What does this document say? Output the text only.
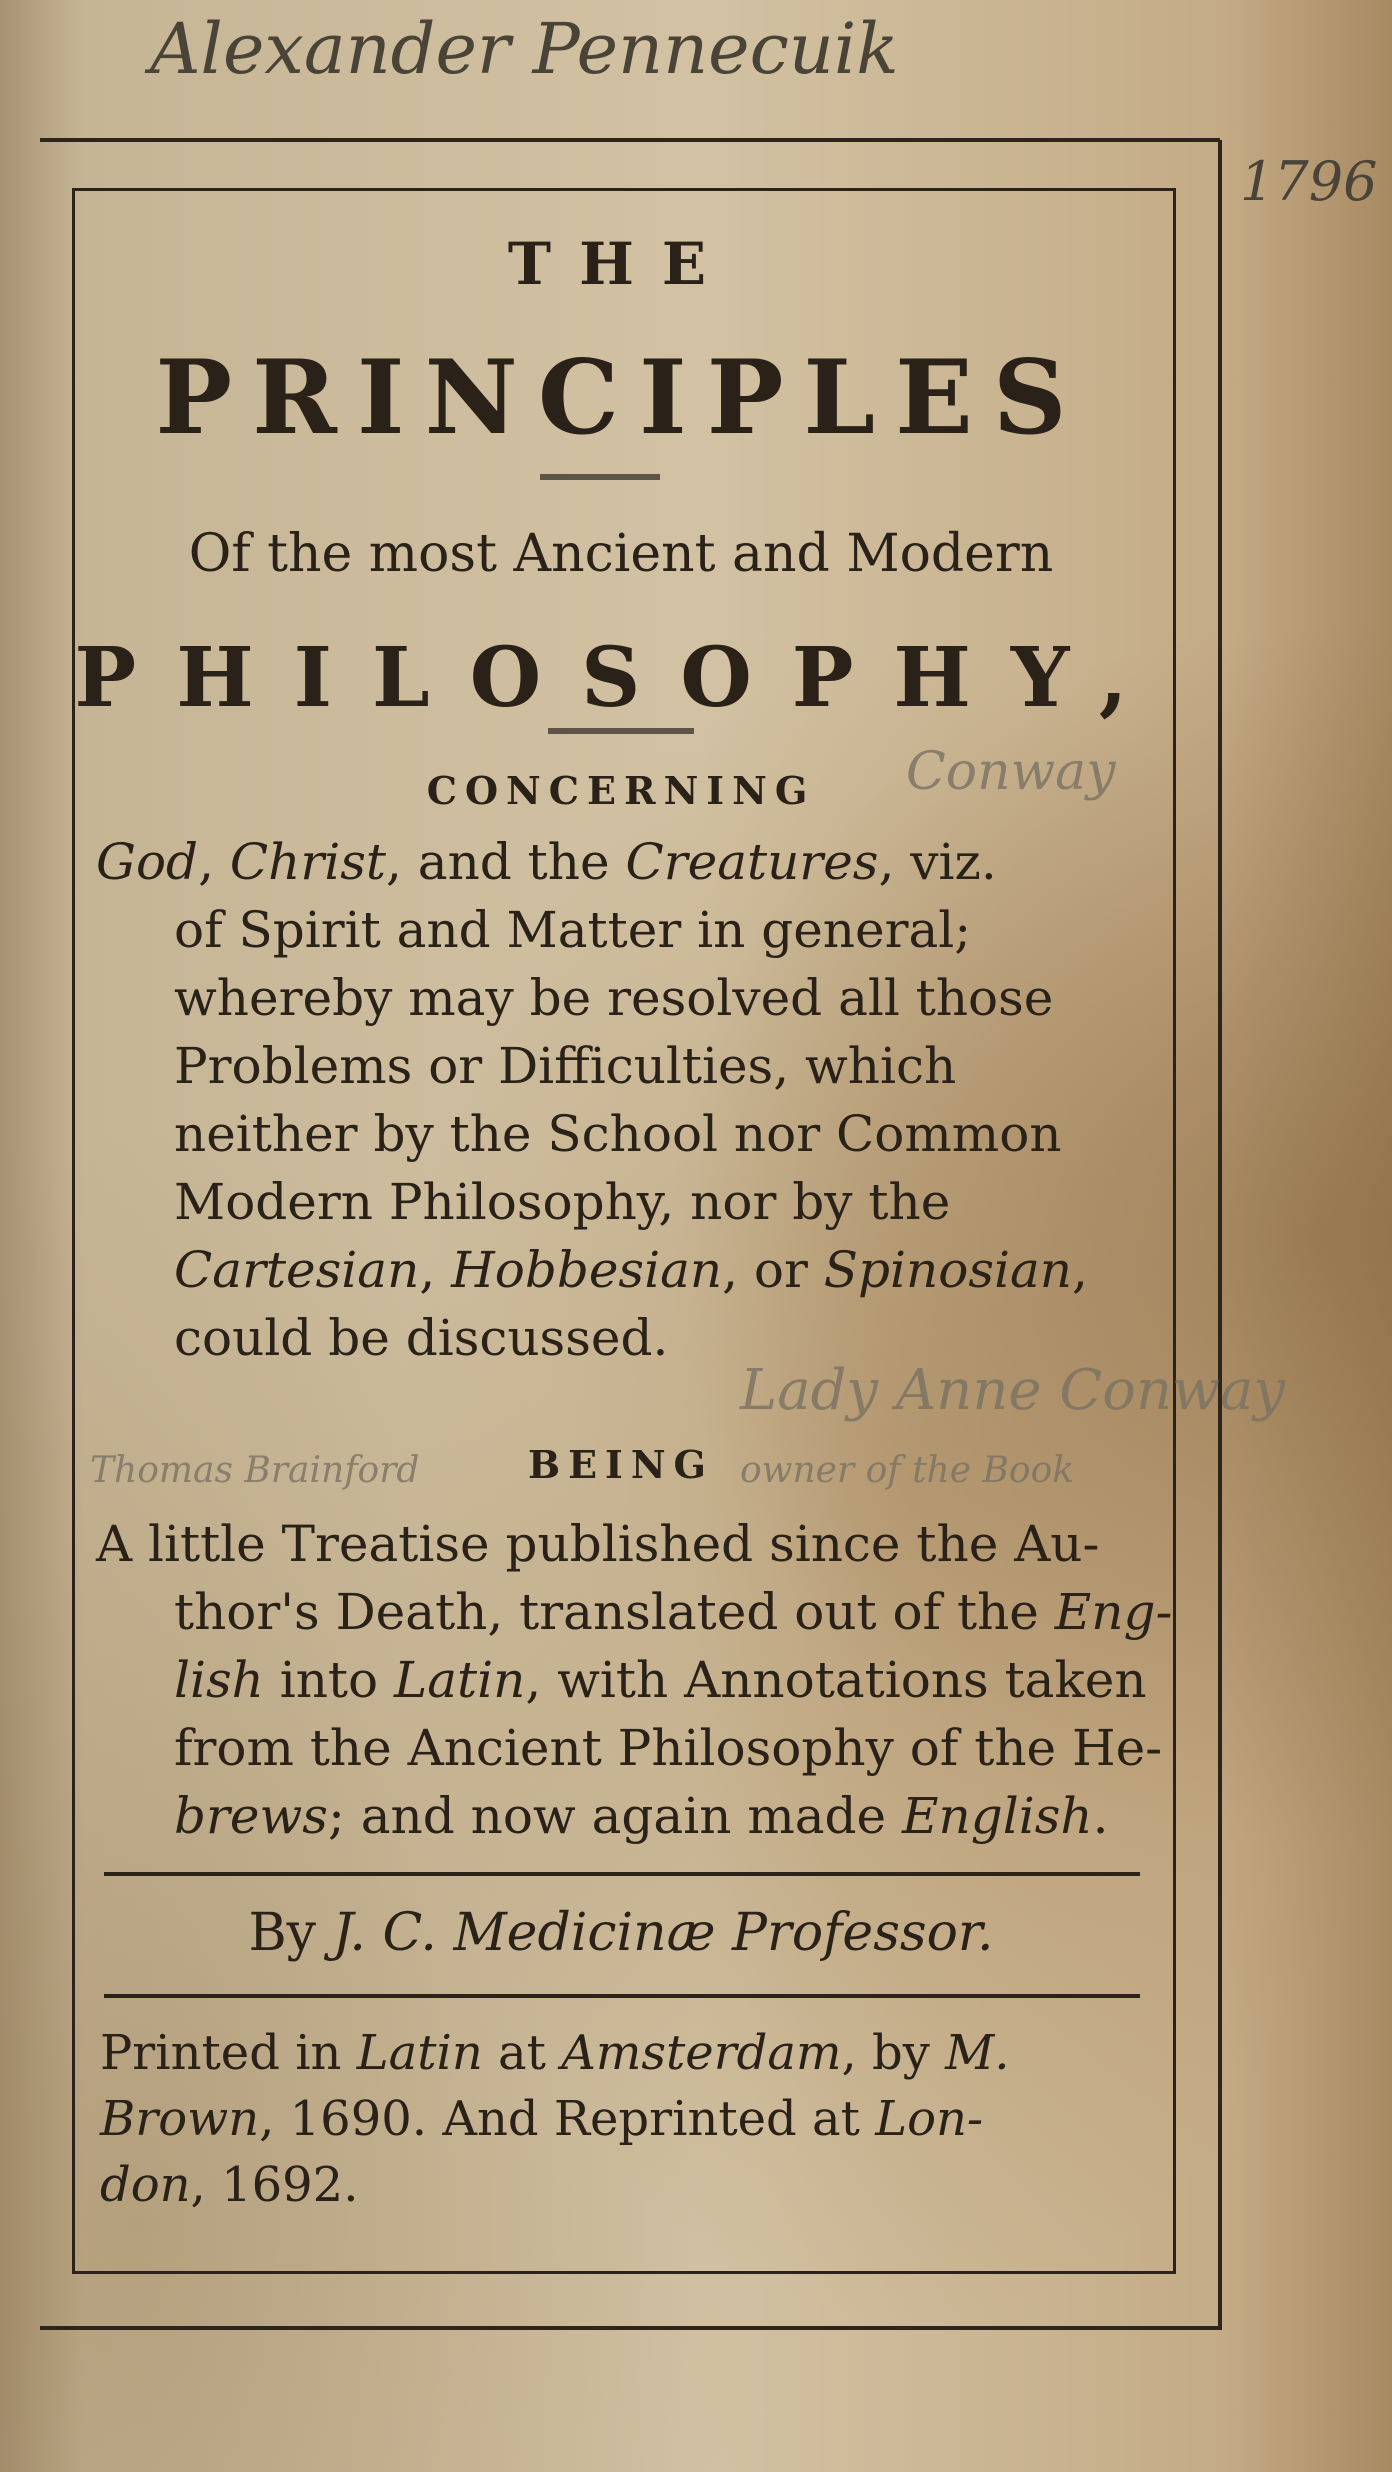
Alexander Pennecuik
1796
THE
PRINCIPLES
Of the most Ancient and Modern
PHILOSOPHY,
CONCERNING	Conway

God, Christ, and the Creatures, viz.

of Spirit and Matter in general;

whereby may be resolved all those

Problems or Difficulties, which

neither by the School nor Common

Modern Philosophy, nor by the

Cartesian, Hobbesian, or Spinosian,

could be discussed.

Lady Anne Conway
Thomas Brainford	BEING owner of the Book

A little Treatise published since the Au-

thor's Death, translated out of the Eng-

lish into Latin, with Annotations taken

from the Ancient Philosophy of the He-

brews; and now again made English.

By J. C. Medicinæ Professor.

Printed in Latin at Amsterdam, by M.

Brown, 1690. And Reprinted at Lon-

don, 1692.
